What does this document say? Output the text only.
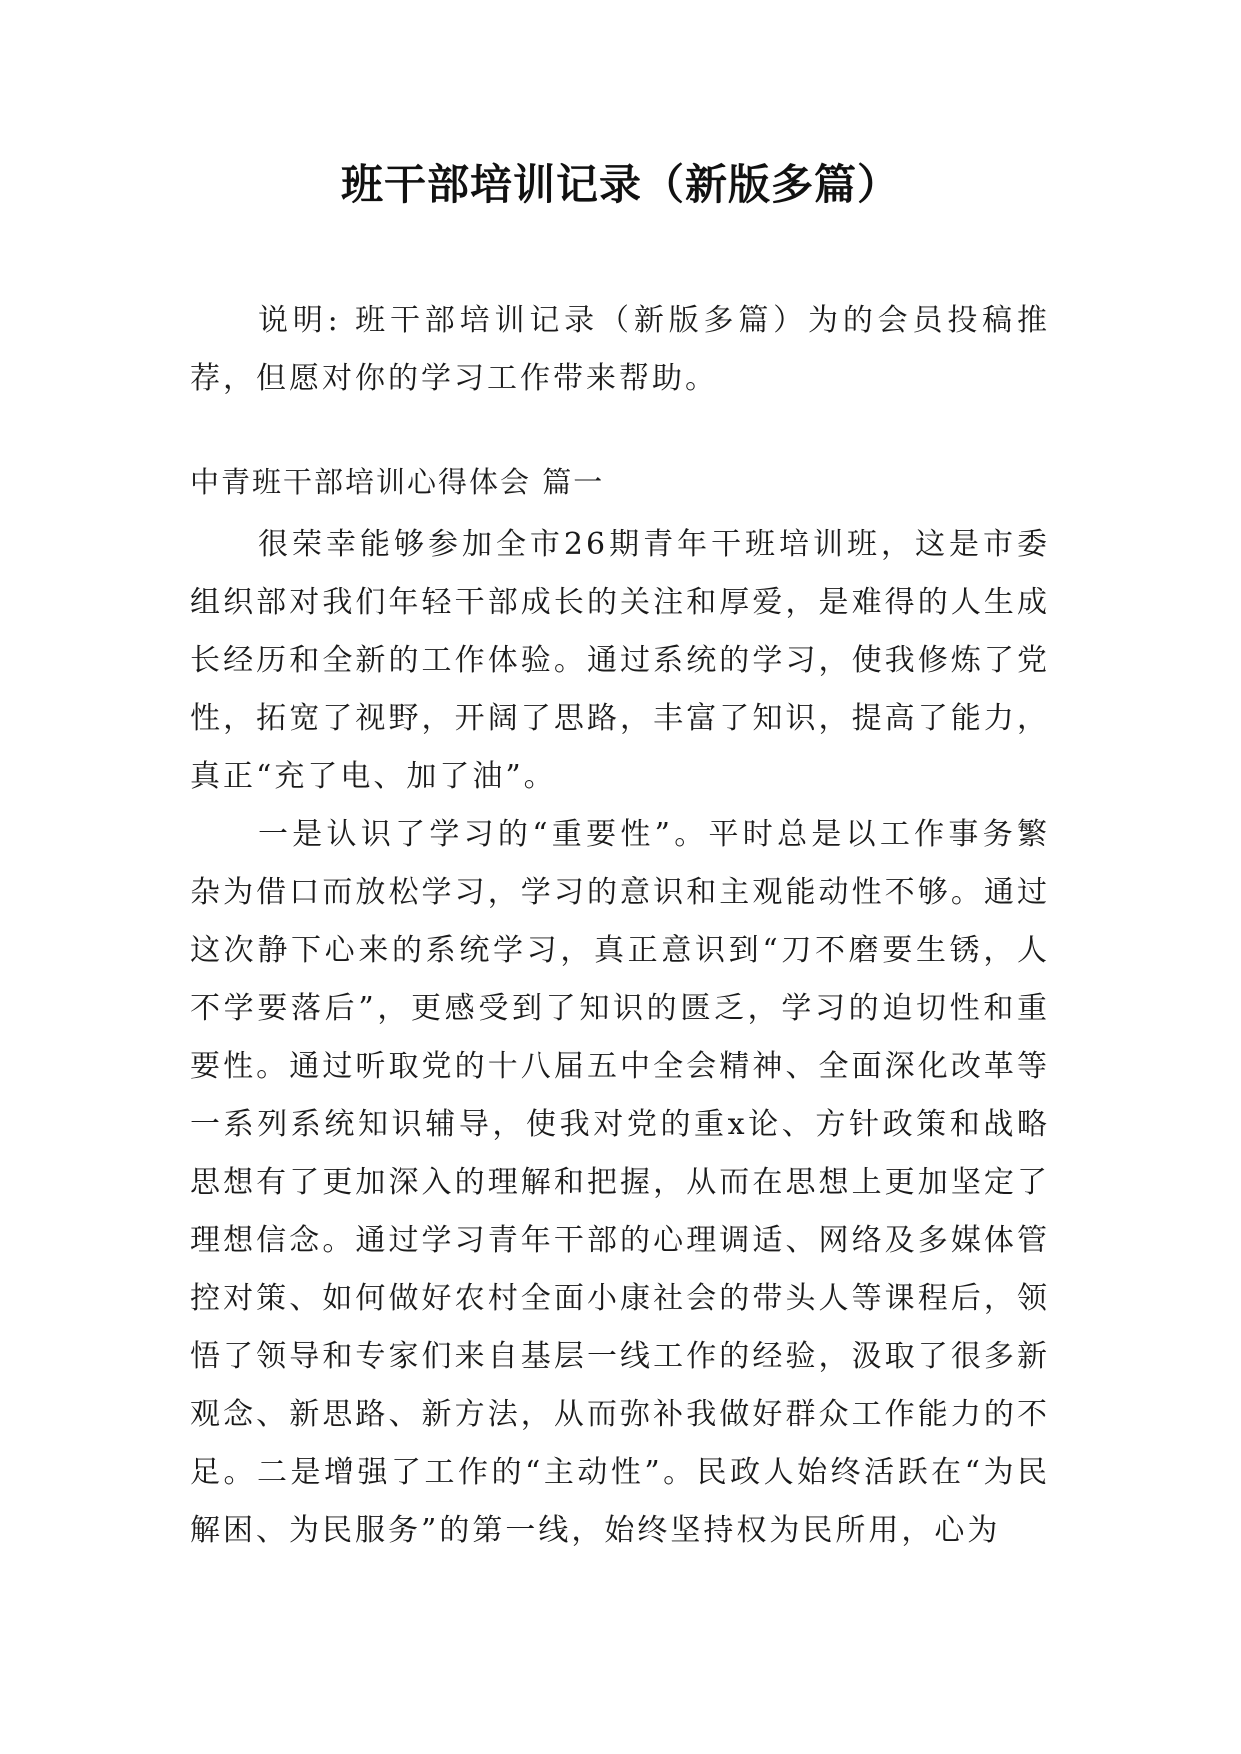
班干部培训记录（新版多篇）

说明: 班干部培训记录（新版多篇）为的会员投稿推荐，但愿对你的学习工作带来帮助。

中青班干部培训心得体会 篇一

很荣幸能够参加全市26期青年干班培训班，这是市委组织部对我们年轻干部成长的关注和厚爱，是难得的人生成长经历和全新的工作体验。通过系统的学习，使我修炼了党性，拓宽了视野，开阔了思路，丰富了知识，提高了能力，真正“充了电、加了油”。

一是认识了学习的“重要性”。平时总是以工作事务繁杂为借口而放松学习，学习的意识和主观能动性不够。通过这次静下心来的系统学习，真正意识到“刀不磨要生锈，人不学要落后”，更感受到了知识的匮乏，学习的迫切性和重要性。通过听取党的十八届五中全会精神、全面深化改革等一系列系统知识辅导，使我对党的重x论、方针政策和战略思想有了更加深入的理解和把握，从而在思想上更加坚定了理想信念。通过学习青年干部的心理调适、网络及多媒体管控对策、如何做好农村全面小康社会的带头人等课程后，领悟了领导和专家们来自基层一线工作的经验，汲取了很多新观念、新思路、新方法，从而弥补我做好群众工作能力的不足。二是增强了工作的“主动性”。民政人始终活跃在“为民解困、为民服务”的第一线，始终坚持权为民所用，心为
